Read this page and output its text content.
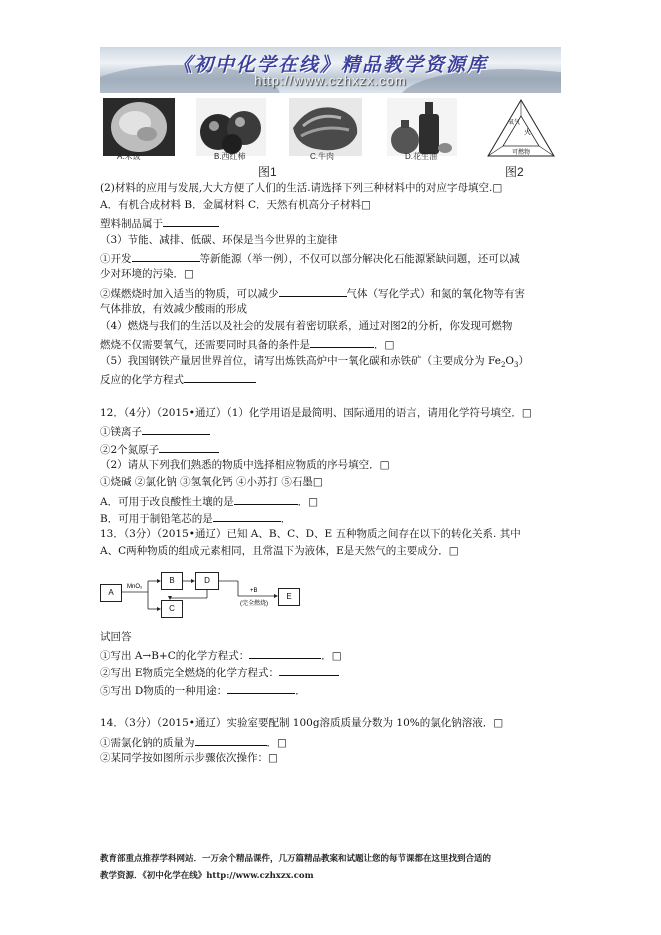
《初中化学在线》精品教学资源库
http://www.czhxzx.com
氧气
火
可燃物
A.米饭	B.西红柿	C.牛肉	D.花生油
图1	图2
(2)材料的应用与发展,大大方便了人们的生活.请选择下列三种材料中的对应字母填空.□
A．有机合成材料 B．金属材料 C．天然有机高分子材料□
塑料制品属于
（3）节能、减排、低碳、环保是当今世界的主旋律
①开发	等新能源（举一例），不仅可以部分解决化石能源紧缺问题，还可以减
少对环境的污染．□
②煤燃烧时加入适当的物质，可以减少	气体（写化学式）和氮的氧化物等有害
气体排放，有效减少酸雨的形成
（4）燃烧与我们的生活以及社会的发展有着密切联系，通过对图2的分析，你发现可燃物
燃烧不仅需要氧气，还需要同时具备的条件是	．□
（5）我国钢铁产量居世界首位，请写出炼铁高炉中一氧化碳和赤铁矿（主要成分为 $Fe_2O_3$）
反应的化学方程式
12．（4分）（2015•通辽）（1）化学用语是最简明、国际通用的语言，请用化学符号填空．□
①镁离子
②2个氮原子
（2）请从下列我们熟悉的物质中选择相应物质的序号填空．□
①烧碱 ②氯化钠 ③氢氧化钙 ④小苏打 ⑤石墨□
A．可用于改良酸性土壤的是	．□
B．可用于制铅笔芯的是	．
13．（3分）（2015•通辽）已知 A、B、C、D、E 五种物质之间存在以下的转化关系. 其中
A、C两种物质的组成元素相同，且常温下为液体，E是天然气的主要成分．□
MnO₂
+B
(完全燃烧)
A
B	D
C
E
试回答
①写出 A→B+C的化学方程式：	．□
②写出 E物质完全燃烧的化学方程式：
⑤写出 D物质的一种用途：	．
14．（3分）（2015•通辽）实验室要配制 100g溶质质量分数为 10%的氯化钠溶液．□
①需氯化钠的质量为	．□
②某同学按如图所示步骤依次操作：□
教育部重点推荐学科网站．一万余个精品课件，几万篇精品教案和试题让您的每节课都在这里找到合适的
教学资源．《初中化学在线》http://www.czhxzx.com
